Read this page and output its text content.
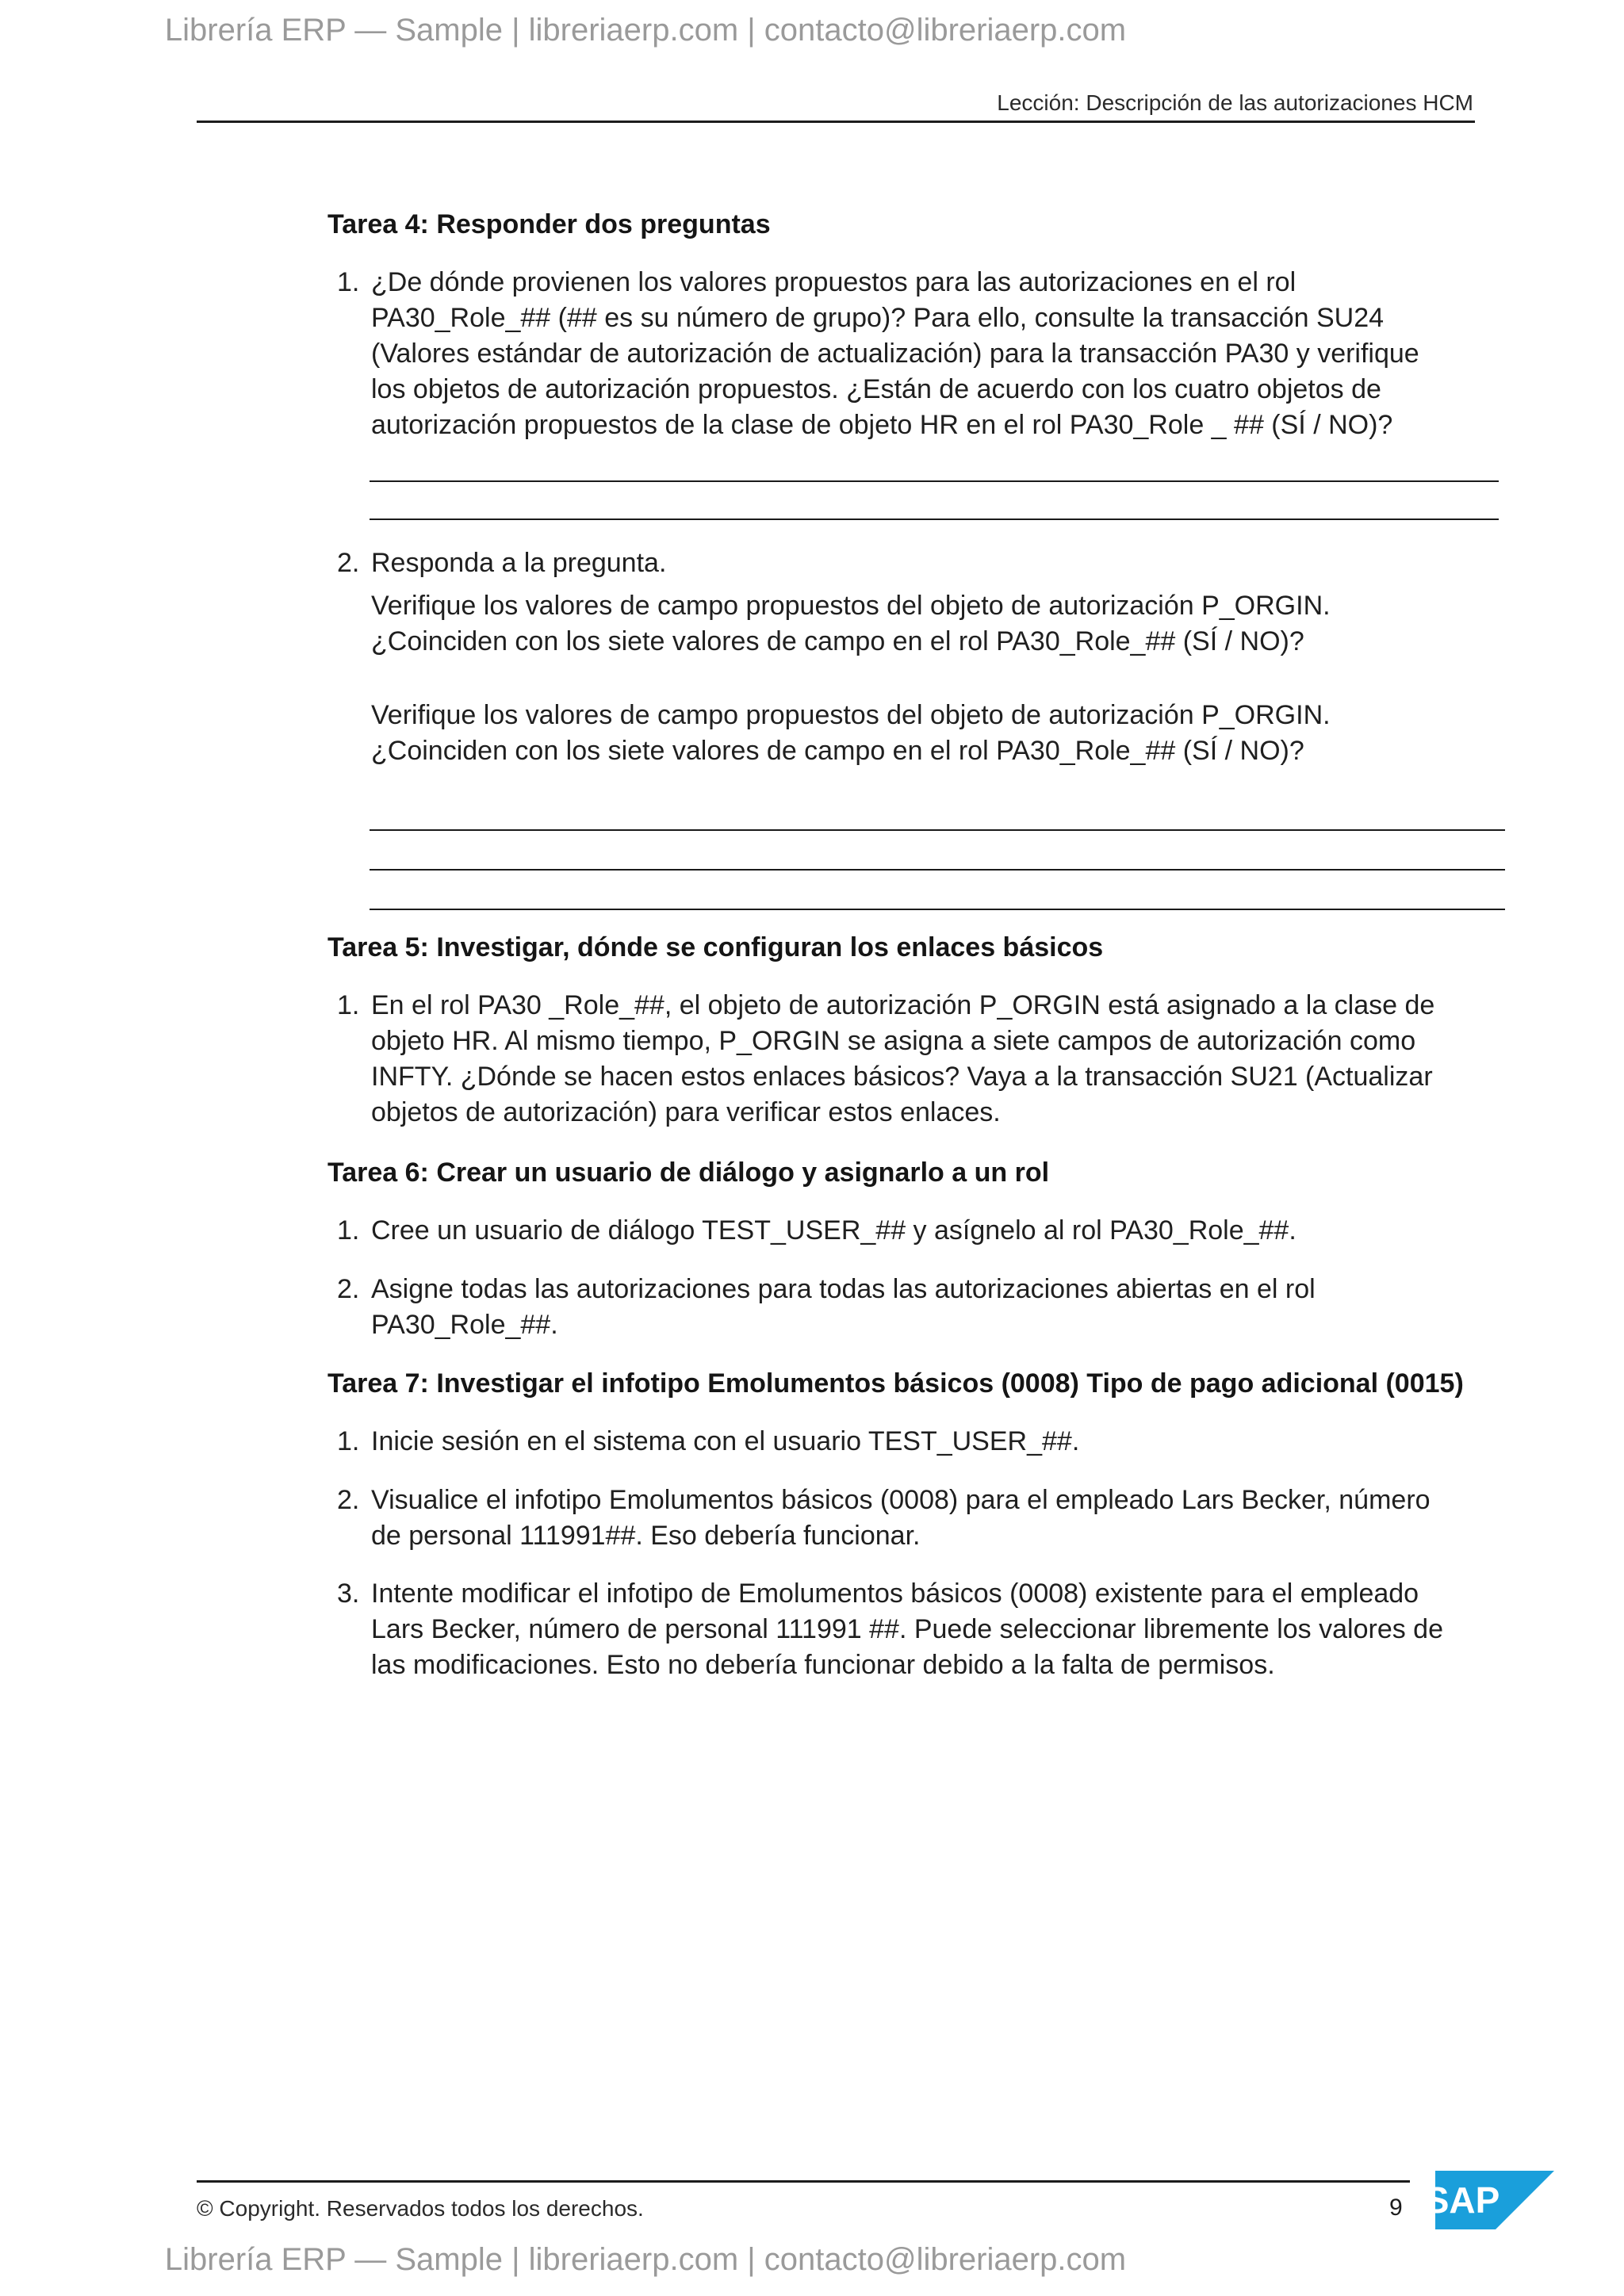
Librería ERP — Sample | libreriaerp.com | contacto@libreriaerp.com
Lección: Descripción de las autorizaciones HCM
Tarea 4: Responder dos preguntas
1. ¿De dónde provienen los valores propuestos para las autorizaciones en el rol
PA30_Role_## (## es su número de grupo)? Para ello, consulte la transacción SU24
(Valores estándar de autorización de actualización) para la transacción PA30 y verifique
los objetos de autorización propuestos. ¿Están de acuerdo con los cuatro objetos de
autorización propuestos de la clase de objeto HR en el rol PA30_Role _ ## (SÍ / NO)?
2. Responda a la pregunta.
Verifique los valores de campo propuestos del objeto de autorización P_ORGIN.
¿Coinciden con los siete valores de campo en el rol PA30_Role_## (SÍ / NO)?
Verifique los valores de campo propuestos del objeto de autorización P_ORGIN.
¿Coinciden con los siete valores de campo en el rol PA30_Role_## (SÍ / NO)?
Tarea 5: Investigar, dónde se configuran los enlaces básicos
1. En el rol PA30 _Role_##, el objeto de autorización P_ORGIN está asignado a la clase de
objeto HR. Al mismo tiempo, P_ORGIN se asigna a siete campos de autorización como
INFTY. ¿Dónde se hacen estos enlaces básicos? Vaya a la transacción SU21 (Actualizar
objetos de autorización) para verificar estos enlaces.
Tarea 6: Crear un usuario de diálogo y asignarlo a un rol
1. Cree un usuario de diálogo TEST_USER_## y asígnelo al rol PA30_Role_##.
2. Asigne todas las autorizaciones para todas las autorizaciones abiertas en el rol
PA30_Role_##.
Tarea 7: Investigar el infotipo Emolumentos básicos (0008) Tipo de pago adicional (0015)
1. Inicie sesión en el sistema con el usuario TEST_USER_##.
2. Visualice el infotipo Emolumentos básicos (0008) para el empleado Lars Becker, número
de personal 111991##. Eso debería funcionar.
3. Intente modificar el infotipo de Emolumentos básicos (0008) existente para el empleado
Lars Becker, número de personal 111991 ##. Puede seleccionar libremente los valores de
las modificaciones. Esto no debería funcionar debido a la falta de permisos.
© Copyright. Reservados todos los derechos.	9 SAP
Librería ERP — Sample | libreriaerp.com | contacto@libreriaerp.com
